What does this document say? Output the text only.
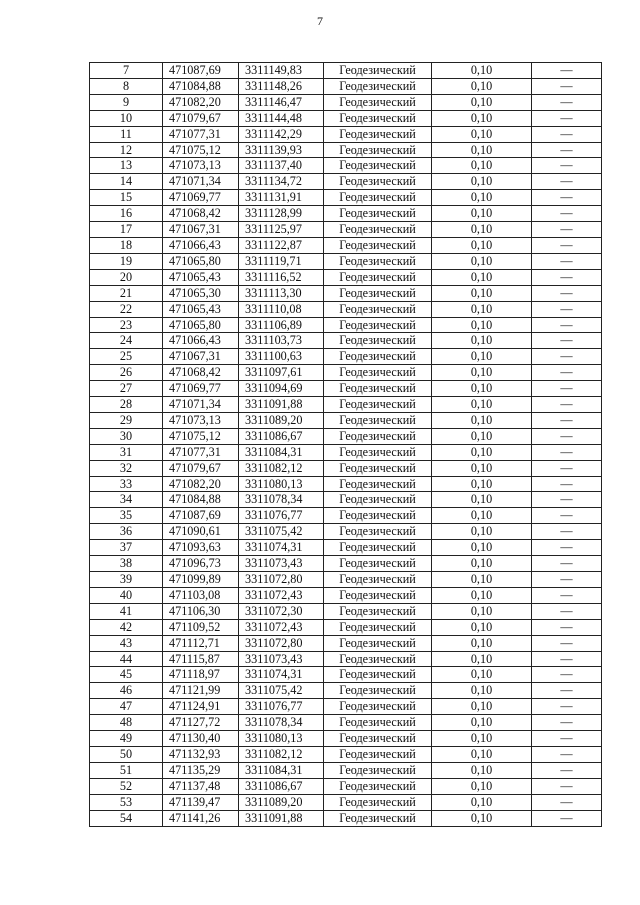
7
7	471087,69	3311149,83	Геодезический	0,10	—
8	471084,88	3311148,26	Геодезический	0,10	—
9	471082,20	3311146,47	Геодезический	0,10	—
10	471079,67	3311144,48	Геодезический	0,10	—
11	471077,31	3311142,29	Геодезический	0,10	—
12	471075,12	3311139,93	Геодезический	0,10	—
13	471073,13	3311137,40	Геодезический	0,10	—
14	471071,34	3311134,72	Геодезический	0,10	—
15	471069,77	3311131,91	Геодезический	0,10	—
16	471068,42	3311128,99	Геодезический	0,10	—
17	471067,31	3311125,97	Геодезический	0,10	—
18	471066,43	3311122,87	Геодезический	0,10	—
19	471065,80	3311119,71	Геодезический	0,10	—
20	471065,43	3311116,52	Геодезический	0,10	—
21	471065,30	3311113,30	Геодезический	0,10	—
22	471065,43	3311110,08	Геодезический	0,10	—
23	471065,80	3311106,89	Геодезический	0,10	—
24	471066,43	3311103,73	Геодезический	0,10	—
25	471067,31	3311100,63	Геодезический	0,10	—
26	471068,42	3311097,61	Геодезический	0,10	—
27	471069,77	3311094,69	Геодезический	0,10	—
28	471071,34	3311091,88	Геодезический	0,10	—
29	471073,13	3311089,20	Геодезический	0,10	—
30	471075,12	3311086,67	Геодезический	0,10	—
31	471077,31	3311084,31	Геодезический	0,10	—
32	471079,67	3311082,12	Геодезический	0,10	—
33	471082,20	3311080,13	Геодезический	0,10	—
34	471084,88	3311078,34	Геодезический	0,10	—
35	471087,69	3311076,77	Геодезический	0,10	—
36	471090,61	3311075,42	Геодезический	0,10	—
37	471093,63	3311074,31	Геодезический	0,10	—
38	471096,73	3311073,43	Геодезический	0,10	—
39	471099,89	3311072,80	Геодезический	0,10	—
40	471103,08	3311072,43	Геодезический	0,10	—
41	471106,30	3311072,30	Геодезический	0,10	—
42	471109,52	3311072,43	Геодезический	0,10	—
43	471112,71	3311072,80	Геодезический	0,10	—
44	471115,87	3311073,43	Геодезический	0,10	—
45	471118,97	3311074,31	Геодезический	0,10	—
46	471121,99	3311075,42	Геодезический	0,10	—
47	471124,91	3311076,77	Геодезический	0,10	—
48	471127,72	3311078,34	Геодезический	0,10	—
49	471130,40	3311080,13	Геодезический	0,10	—
50	471132,93	3311082,12	Геодезический	0,10	—
51	471135,29	3311084,31	Геодезический	0,10	—
52	471137,48	3311086,67	Геодезический	0,10	—
53	471139,47	3311089,20	Геодезический	0,10	—
54	471141,26	3311091,88	Геодезический	0,10	—
